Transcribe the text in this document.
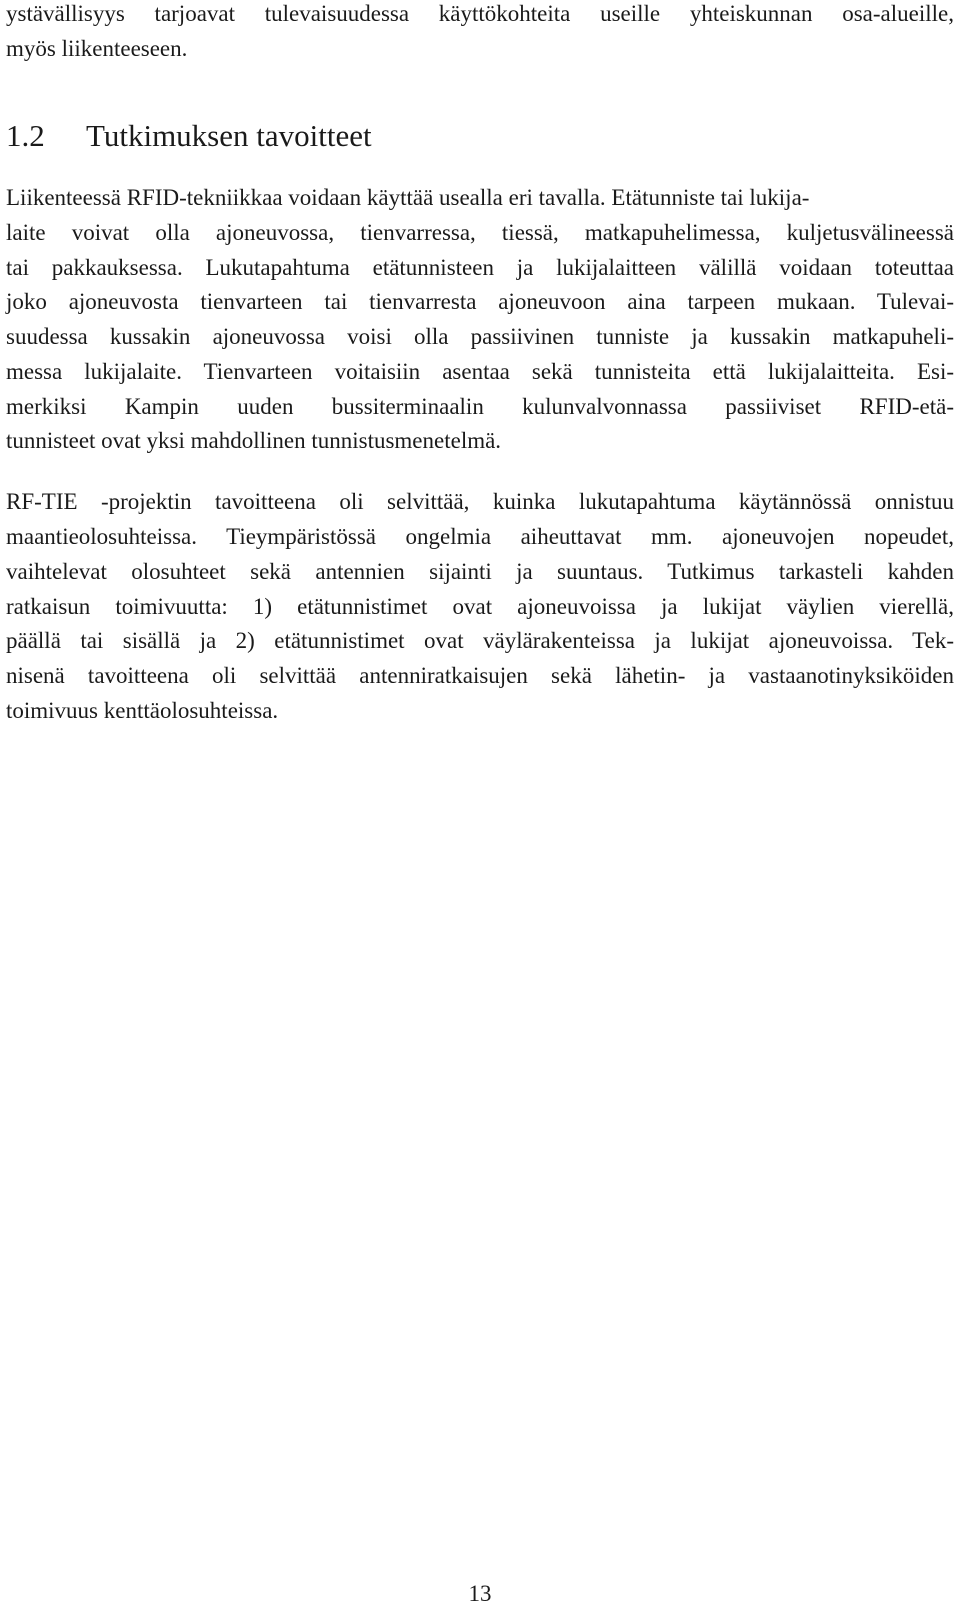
ystävällisyys tarjoavat tulevaisuudessa käyttökohteita useille yhteiskunnan osa-alueille,
myös liikenteeseen.
1.2 Tutkimuksen tavoitteet
Liikenteessä RFID-tekniikkaa voidaan käyttää usealla eri tavalla. Etätunniste tai lukija-
laite voivat olla ajoneuvossa, tienvarressa, tiessä, matkapuhelimessa, kuljetusvälineessä
tai pakkauksessa. Lukutapahtuma etätunnisteen ja lukijalaitteen välillä voidaan toteuttaa
joko ajoneuvosta tienvarteen tai tienvarresta ajoneuvoon aina tarpeen mukaan. Tulevai-
suudessa kussakin ajoneuvossa voisi olla passiivinen tunniste ja kussakin matkapuheli-
messa lukijalaite. Tienvarteen voitaisiin asentaa sekä tunnisteita että lukijalaitteita. Esi-
merkiksi Kampin uuden bussiterminaalin kulunvalvonnassa passiiviset RFID-etä-
tunnisteet ovat yksi mahdollinen tunnistusmenetelmä.
RF-TIE -projektin tavoitteena oli selvittää, kuinka lukutapahtuma käytännössä onnistuu
maantieolosuhteissa. Tieympäristössä ongelmia aiheuttavat mm. ajoneuvojen nopeudet,
vaihtelevat olosuhteet sekä antennien sijainti ja suuntaus. Tutkimus tarkasteli kahden
ratkaisun toimivuutta: 1) etätunnistimet ovat ajoneuvoissa ja lukijat väylien vierellä,
päällä tai sisällä ja 2) etätunnistimet ovat väylärakenteissa ja lukijat ajoneuvoissa. Tek-
nisenä tavoitteena oli selvittää antenniratkaisujen sekä lähetin- ja vastaanotinyksiköiden
toimivuus kenttäolosuhteissa.
13
